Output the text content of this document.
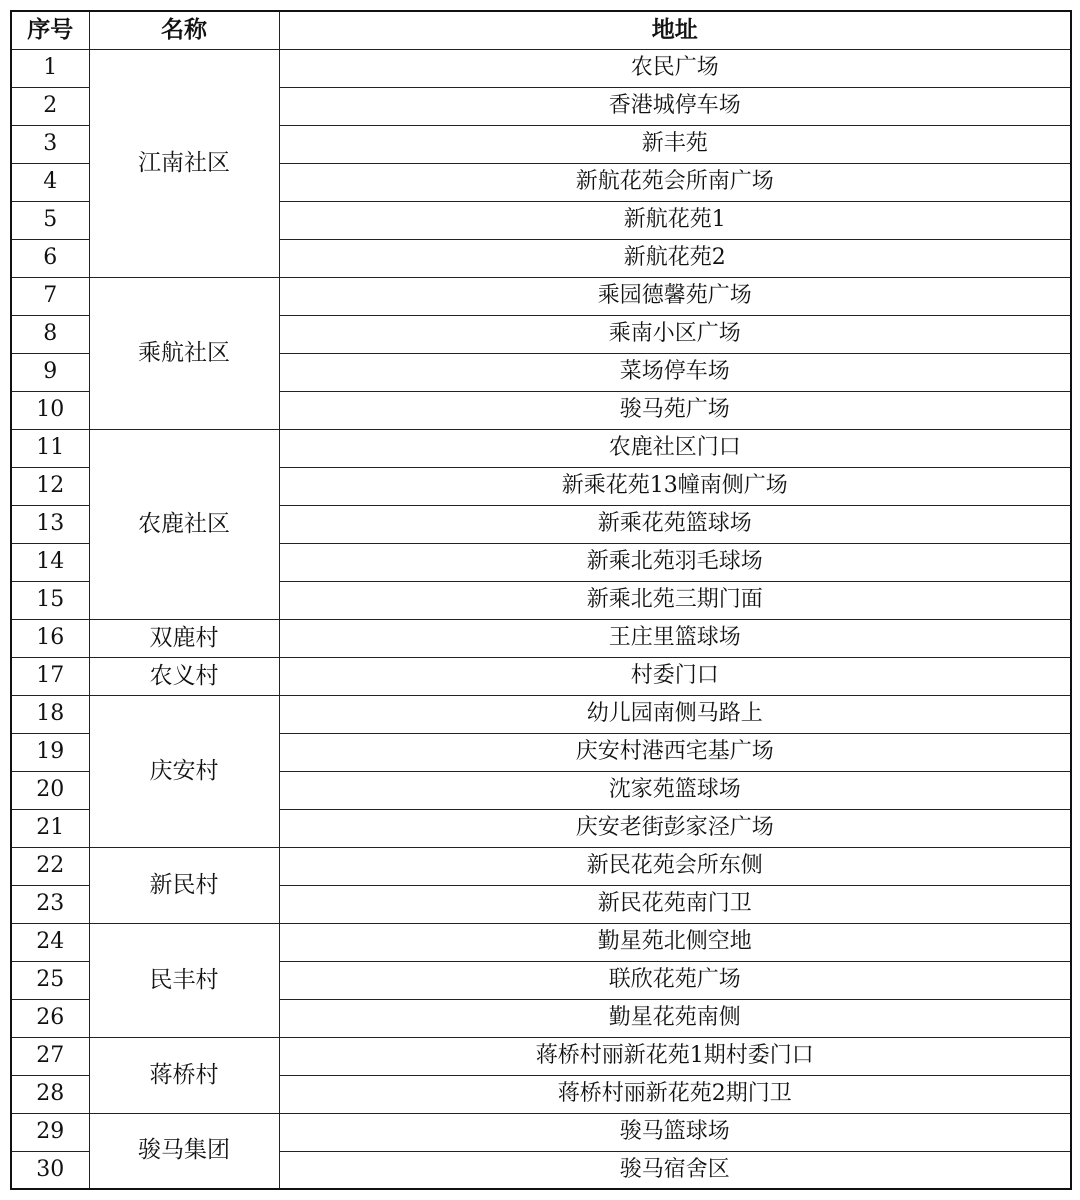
序号	名称	地址
1	江南社区	农民广场
2		香港城停车场
3		新丰苑
4		新航花苑会所南广场
5		新航花苑1
6		新航花苑2
7	乘航社区	乘园德馨苑广场
8		乘南小区广场
9		菜场停车场
10		骏马苑广场
11	农鹿社区	农鹿社区门口
12		新乘花苑13幢南侧广场
13		新乘花苑篮球场
14		新乘北苑羽毛球场
15		新乘北苑三期门面
16	双鹿村	王庄里篮球场
17	农义村	村委门口
18	庆安村	幼儿园南侧马路上
19		庆安村港西宅基广场
20		沈家苑篮球场
21		庆安老街彭家泾广场
22	新民村	新民花苑会所东侧
23		新民花苑南门卫
24	民丰村	勤星苑北侧空地
25		联欣花苑广场
26		勤星花苑南侧
27	蒋桥村	蒋桥村丽新花苑1期村委门口
28		蒋桥村丽新花苑2期门卫
29	骏马集团	骏马篮球场
30		骏马宿舍区
